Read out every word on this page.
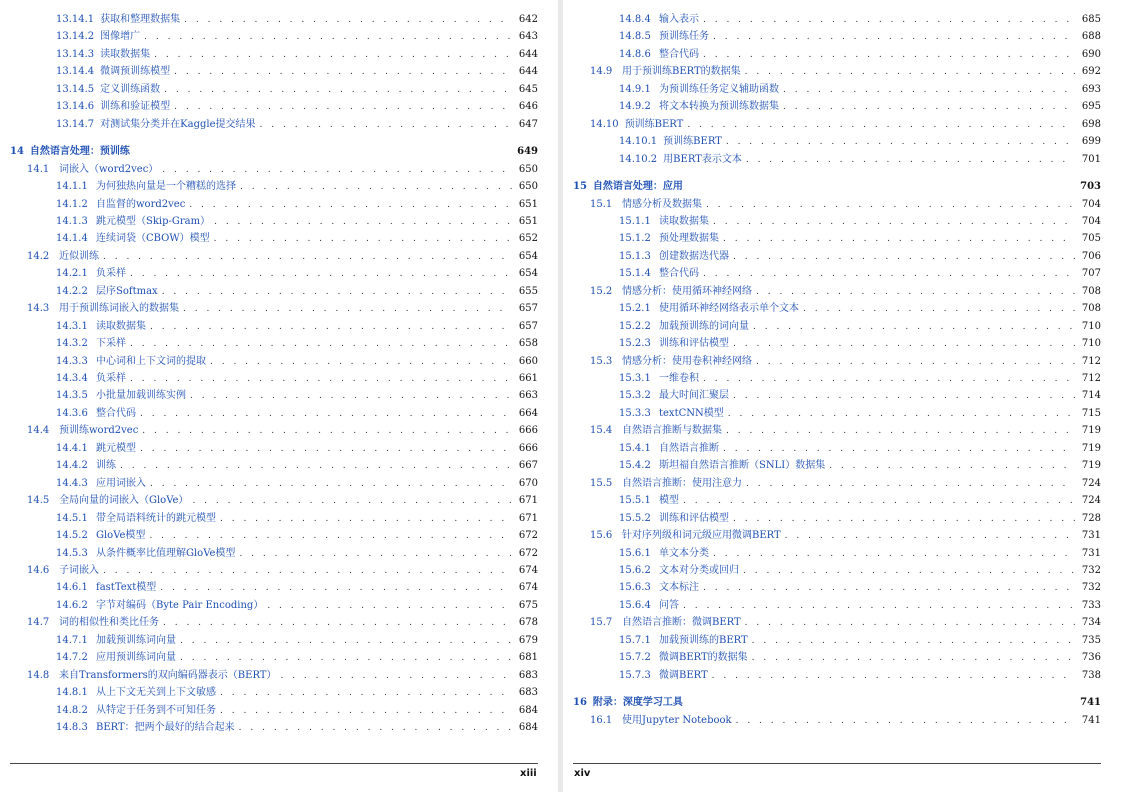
13.14.1 获取和整理数据集 . . .	642
13.14.2 图像增广 . . .	643
13.14.3 读取数据集 . . .	644
13.14.4 微调预训练模型 . . .	644
13.14.5 定义训练函数 . . .	645
13.14.6 训练和验证模型 . . .	646
13.14.7 对测试集分类并在Kaggle提交结果 . . .	647
14 自然语言处理：预训练	649
14.1 词嵌入（word2vec） . . .	650
14.1.1 为何独热向量是一个糟糕的选择 . . .	650
14.1.2 自监督的word2vec . . .	651
14.1.3 跳元模型（Skip-Gram） . . .	651
14.1.4 连续词袋（CBOW）模型 . . .	652
14.2 近似训练 . . .	654
14.2.1 负采样 . . .	654
14.2.2 层序Softmax . . .	655
14.3 用于预训练词嵌入的数据集 . . .	657
14.3.1 读取数据集 . . .	657
14.3.2 下采样 . . .	658
14.3.3 中心词和上下文词的提取 . . .	660
14.3.4 负采样 . . .	661
14.3.5 小批量加载训练实例 . . .	663
14.3.6 整合代码 . . .	664
14.4 预训练word2vec . . .	666
14.4.1 跳元模型 . . .	666
14.4.2 训练 . . .	667
14.4.3 应用词嵌入 . . .	670
14.5 全局向量的词嵌入（GloVe） . . .	671
14.5.1 带全局语料统计的跳元模型 . . .	671
14.5.2 GloVe模型 . . .	672
14.5.3 从条件概率比值理解GloVe模型 . . .	672
14.6 子词嵌入 . . .	674
14.6.1 fastText模型 . . .	674
14.6.2 字节对编码（Byte Pair Encoding） . . .	675
14.7 词的相似性和类比任务 . . .	678
14.7.1 加载预训练词向量 . . .	679
14.7.2 应用预训练词向量 . . .	681
14.8 来自Transformers的双向编码器表示（BERT） . . .	683
14.8.1 从上下文无关到上下文敏感 . . .	683
14.8.2 从特定于任务到不可知任务 . . .	684
14.8.3 BERT：把两个最好的结合起来 . . .	684
xiii
14.8.4 输入表示 . . .	685
14.8.5 预训练任务 . . .	688
14.8.6 整合代码 . . .	690
14.9 用于预训练BERT的数据集 . . .	692
14.9.1 为预训练任务定义辅助函数 . . .	693
14.9.2 将文本转换为预训练数据集 . . .	695
14.10 预训练BERT . . .	698
14.10.1 预训练BERT . . .	699
14.10.2 用BERT表示文本 . . .	701
15 自然语言处理：应用	703
15.1 情感分析及数据集 . . .	704
15.1.1 读取数据集 . . .	704
15.1.2 预处理数据集 . . .	705
15.1.3 创建数据迭代器 . . .	706
15.1.4 整合代码 . . .	707
15.2 情感分析：使用循环神经网络 . . .	708
15.2.1 使用循环神经网络表示单个文本 . . .	708
15.2.2 加载预训练的词向量 . . .	710
15.2.3 训练和评估模型 . . .	710
15.3 情感分析：使用卷积神经网络 . . .	712
15.3.1 一维卷积 . . .	712
15.3.2 最大时间汇聚层 . . .	714
15.3.3 textCNN模型 . . .	715
15.4 自然语言推断与数据集 . . .	719
15.4.1 自然语言推断 . . .	719
15.4.2 斯坦福自然语言推断（SNLI）数据集 . . .	719
15.5 自然语言推断：使用注意力 . . .	724
15.5.1 模型 . . .	724
15.5.2 训练和评估模型 . . .	728
15.6 针对序列级和词元级应用微调BERT . . .	731
15.6.1 单文本分类 . . .	731
15.6.2 文本对分类或回归 . . .	732
15.6.3 文本标注 . . .	732
15.6.4 问答 . . .	733
15.7 自然语言推断：微调BERT . . .	734
15.7.1 加载预训练的BERT . . .	735
15.7.2 微调BERT的数据集 . . .	736
15.7.3 微调BERT . . .	738
16 附录：深度学习工具	741
16.1 使用Jupyter Notebook . . .	741
xiv
